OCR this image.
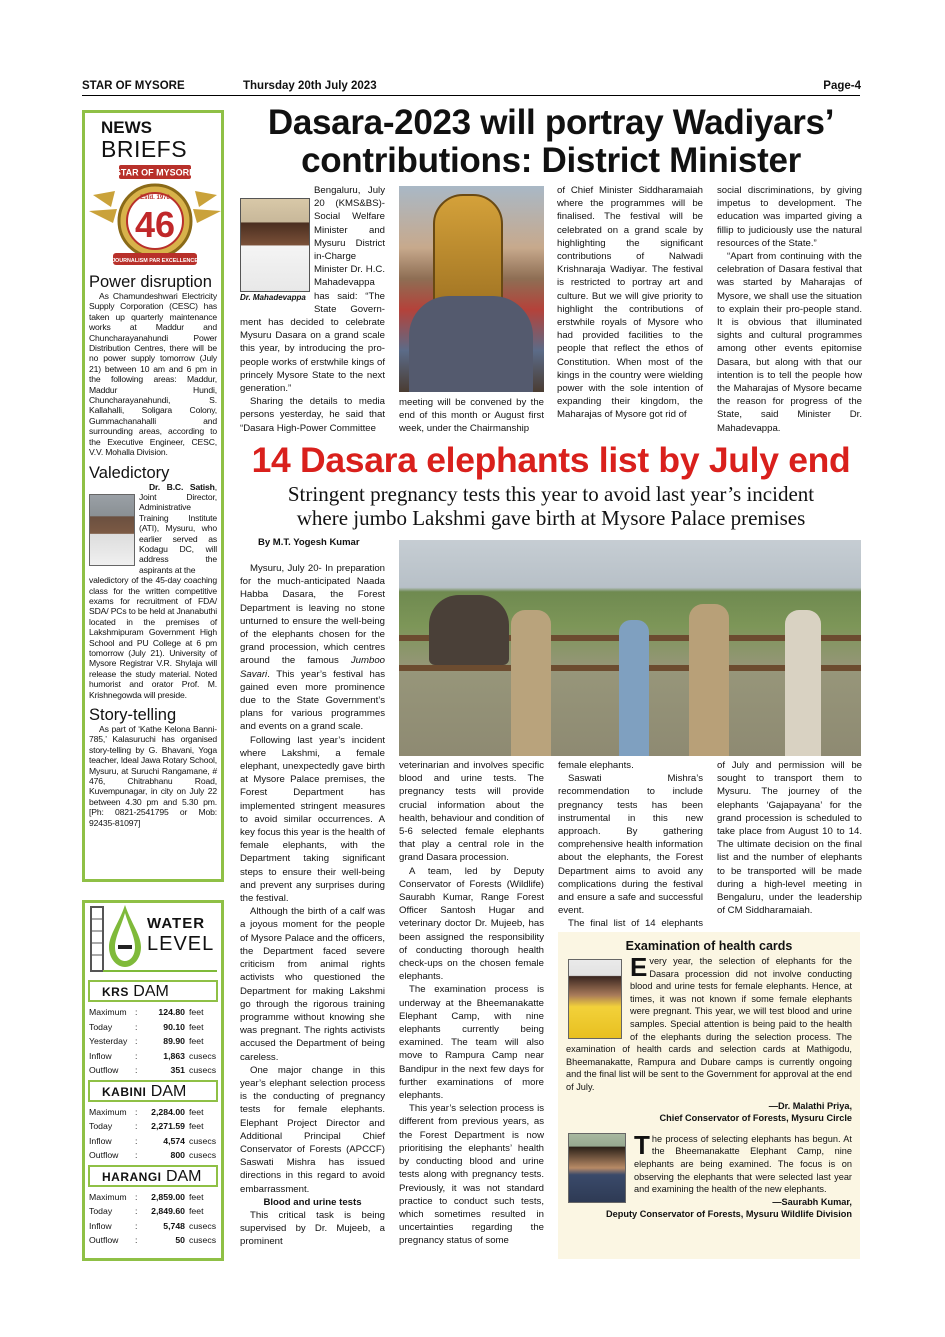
STAR OF MYSORE	Thursday 20th July 2023	Page-4
NEWS
BRIEFS
STAR OF MYSORE
Estd. 1978
46
JOURNALISM PAR EXCELLENCE
Power disruption
As Chamundeshwari Electricity Supply Corporation (CESC) has taken up quarterly maintenance works at Maddur and Chuncharayanahundi Power Distribution Centres, there will be no power supply tomorrow (July 21) between 10 am and 6 pm in the following areas: Maddur, Maddur Hundi, Chuncharayanahundi, S. Kallahalli, Soligara Colony, Gummachanahalli and surrounding areas, according to the Executive Engineer, CESC, V.V. Mohalla Division.
Valedictory
Dr. B.C. Satish, Joint Director, Administrative Training Institute (ATI), Mysuru, who earlier served as Kodagu DC, will address the aspirants at the
valedictory of the 45-day coaching class for the written competitive exams for recruitment of FDA/ SDA/ PCs to be held at Jnanabuthi located in the premises of Lakshmipuram Government High School and PU College at 6 pm tomorrow (July 21). University of Mysore Registrar V.R. Shylaja will release the study material. Noted humorist and orator Prof. M. Krishnegowda will preside.
Story-telling
As part of ‘Kathe Kelona Banni-785,’ Kalasuruchi has organised story-telling by G. Bhavani, Yoga teacher, Ideal Jawa Rotary School, Mysuru, at Suruchi Rangamane, # 476, Chitrabhanu Road, Kuvempunagar, in city on July 22 between 4.30 pm and 5.30 pm. [Ph: 0821-2541795 or Mob: 92435-81097]
WATER
LEVEL
KRS DAM
Maximum	:	124.80	feet
Today	:	90.10	feet
Yesterday	:	89.90	feet
Inflow	:	1,863	cusecs
Outflow	:	351	cusecs
KABINI DAM
Maximum	:	2,284.00	feet
Today	:	2,271.59	feet
Inflow	:	4,574	cusecs
Outflow	:	800	cusecs
HARANGI DAM
Maximum	:	2,859.00	feet
Today	:	2,849.60	feet
Inflow	:	5,748	cusecs
Outflow	:	50	cusecs
Dasara-2023 will portray Wadiyars’
contributions: District Minister
Dr. Mahadevappa
Bengaluru, July 20 (KMS&BS)- Social Welfare Minister and Mysuru District in-Charge Minister Dr. H.C. Mahadevappa has said: “The State Govern- ment has decided to celebrate Mysuru Dasara on a grand scale this year, by introducing the pro-people works of erstwhile kings of princely Mysore State to the next generation.”

Sharing the details to media persons yesterday, he said that “Dasara High-Power Committee

meeting will be convened by the end of this month or August first week, under the Chairmanship
of Chief Minister Siddharamaiah where the programmes will be finalised. The festival will be celebrated on a grand scale by highlighting the significant contributions of Nalwadi Krishnaraja Wadiyar. The festival is restricted to portray art and culture. But we will give priority to highlight the contributions of erstwhile royals of Mysore who had provided facilities to the people that reflect the ethos of Constitution. When most of the kings in the country were wielding power with the sole intention of expanding their kingdom, the Maharajas of Mysore got rid of
social discriminations, by giving impetus to development. The education was imparted giving a fillip to judiciously use the natural resources of the State.”

“Apart from continuing with the celebration of Dasara festival that was started by Maharajas of Mysore, we shall use the situation to explain their pro-people stand. It is obvious that illuminated sights and cultural programmes among other events epitomise Dasara, but along with that our intention is to tell the people how the Maharajas of Mysore became the reason for progress of the State, said Minister Dr. Mahadevappa.

14 Dasara elephants list by July end
Stringent pregnancy tests this year to avoid last year’s incident
where jumbo Lakshmi gave birth at Mysore Palace premises
By M.T. Yogesh Kumar

Mysuru, July 20- In preparation for the much-anticipated Naada Habba Dasara, the Forest Department is leaving no stone unturned to ensure the well-being of the elephants chosen for the grand procession, which centres around the famous Jumboo Savari. This year’s festival has gained even more prominence due to the State Government’s plans for various programmes and events on a grand scale.

Following last year’s incident where Lakshmi, a female elephant, unexpectedly gave birth at Mysore Palace premises, the Forest Department has implemented stringent measures to avoid similar occurrences. A key focus this year is the health of female elephants, with the Department taking significant steps to ensure their well-being and prevent any surprises during the festival.

Although the birth of a calf was a joyous moment for the people of Mysore Palace and the officers, the Department faced severe criticism from animal rights activists who questioned the Department for making Lakshmi go through the rigorous training programme without knowing she was pregnant. The rights activists accused the Department of being careless.

One major change in this year’s elephant selection process is the conducting of pregnancy tests for female elephants. Elephant Project Director and Additional Principal Chief Conservator of Forests (APCCF) Saswati Mishra has issued directions in this regard to avoid embarrassment.

Blood and urine tests

This critical task is being supervised by Dr. Mujeeb, a prominent

veterinarian and involves specific blood and urine tests. The pregnancy tests will provide crucial information about the health, behaviour and condition of 5-6 selected female elephants that play a central role in the grand Dasara procession.

A team, led by Deputy Conservator of Forests (Wildlife) Saurabh Kumar, Range Forest Officer Santosh Hugar and veterinary doctor Dr. Mujeeb, has been assigned the responsibility of conducting thorough health check-ups on the chosen female elephants.

The examination process is underway at the Bheemanakatte Elephant Camp, with nine elephants currently being examined. The team will also move to Rampura Camp near Bandipur in the next few days for further examinations of more elephants.

This year’s selection process is different from previous years, as the Forest Department is now prioritising the elephants’ health by conducting blood and urine tests along with pregnancy tests. Previously, it was not standard practice to conduct such tests, which sometimes resulted in uncertainties regarding the pregnancy status of some

female elephants.

Saswati Mishra’s recommendation to include pregnancy tests has been instrumental in this new approach. By gathering comprehensive health information about the elephants, the Forest Department aims to avoid any complications during the festival and ensure a safe and successful event.

The final list of 14 elephants

of July and permission will be sought to transport them to Mysuru. The journey of the elephants ‘Gajapayana’ for the grand procession is scheduled to take place from August 10 to 14. The ultimate decision on the final list and the number of elephants to be transported will be made during a high-level meeting in Bengaluru, under the leadership of CM Siddharamaiah.
Examination of health cards
Every year, the selection of elephants for the Dasara procession did not involve conducting blood and urine tests for female elephants. Hence, at times, it was not known if some female elephants were pregnant. This year, we will test blood and urine samples. Special attention is being paid to the health of the elephants during the selection process. The examination of health cards and selection cards at Mathigodu, Bheemanakatte, Rampura and Dubare camps is currently ongoing and the final list will be sent to the Government for approval at the end of July.
—Dr. Malathi Priya,
Chief Conservator of Forests, Mysuru Circle
The process of selecting elephants has begun. At the Bheemanakatte Elephant Camp, nine elephants are being examined. The focus is on observing the elephants that were selected last year and examining the health of the new elephants.
—Saurabh Kumar,
Deputy Conservator of Forests, Mysuru Wildlife Division
